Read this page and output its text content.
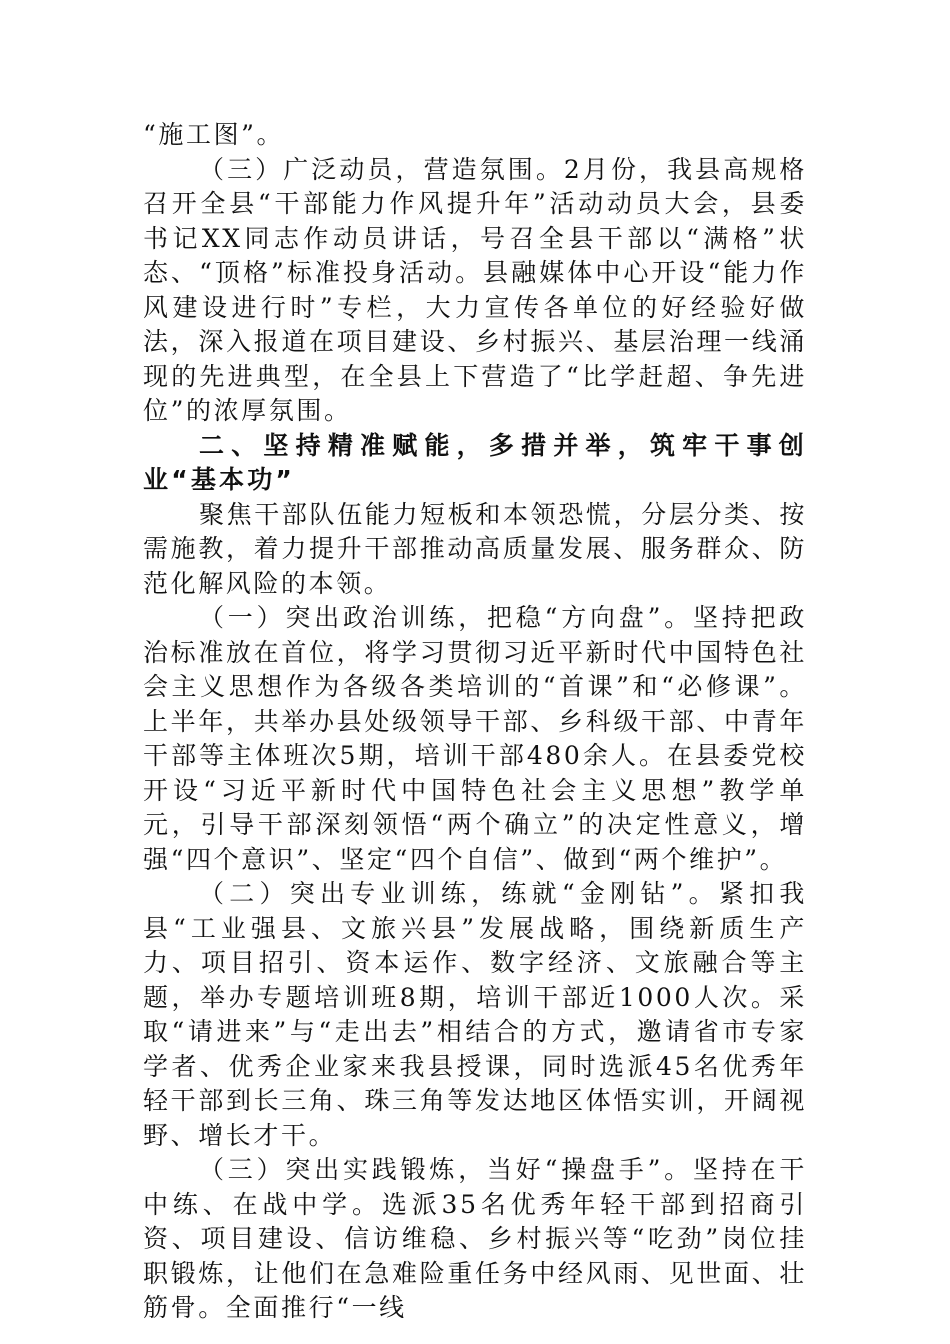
“施工图”。

（三）广泛动员，营造氛围。2月份，我县高规格召开全县“干部能力作风提升年”活动动员大会，县委书记XX同志作动员讲话，号召全县干部以“满格”状态、“顶格”标准投身活动。县融媒体中心开设“能力作风建设进行时”专栏，大力宣传各单位的好经验好做法，深入报道在项目建设、乡村振兴、基层治理一线涌现的先进典型，在全县上下营造了“比学赶超、争先进位”的浓厚氛围。

二、坚持精准赋能，多措并举，筑牢干事创业“基本功”

聚焦干部队伍能力短板和本领恐慌，分层分类、按需施教，着力提升干部推动高质量发展、服务群众、防范化解风险的本领。

（一）突出政治训练，把稳“方向盘”。坚持把政治标准放在首位，将学习贯彻习近平新时代中国特色社会主义思想作为各级各类培训的“首课”和“必修课”。上半年，共举办县处级领导干部、乡科级干部、中青年干部等主体班次5期，培训干部480余人。在县委党校开设“习近平新时代中国特色社会主义思想”教学单元，引导干部深刻领悟“两个确立”的决定性意义，增强“四个意识”、坚定“四个自信”、做到“两个维护”。

（二）突出专业训练，练就“金刚钻”。紧扣我县“工业强县、文旅兴县”发展战略，围绕新质生产力、项目招引、资本运作、数字经济、文旅融合等主题，举办专题培训班8期，培训干部近1000人次。采取“请进来”与“走出去”相结合的方式，邀请省市专家学者、优秀企业家来我县授课，同时选派45名优秀年轻干部到长三角、珠三角等发达地区体悟实训，开阔视野、增长才干。

（三）突出实践锻炼，当好“操盘手”。坚持在干中练、在战中学。选派35名优秀年轻干部到招商引资、项目建设、信访维稳、乡村振兴等“吃劲”岗位挂职锻炼，让他们在急难险重任务中经风雨、见世面、壮筋骨。全面推行“一线
